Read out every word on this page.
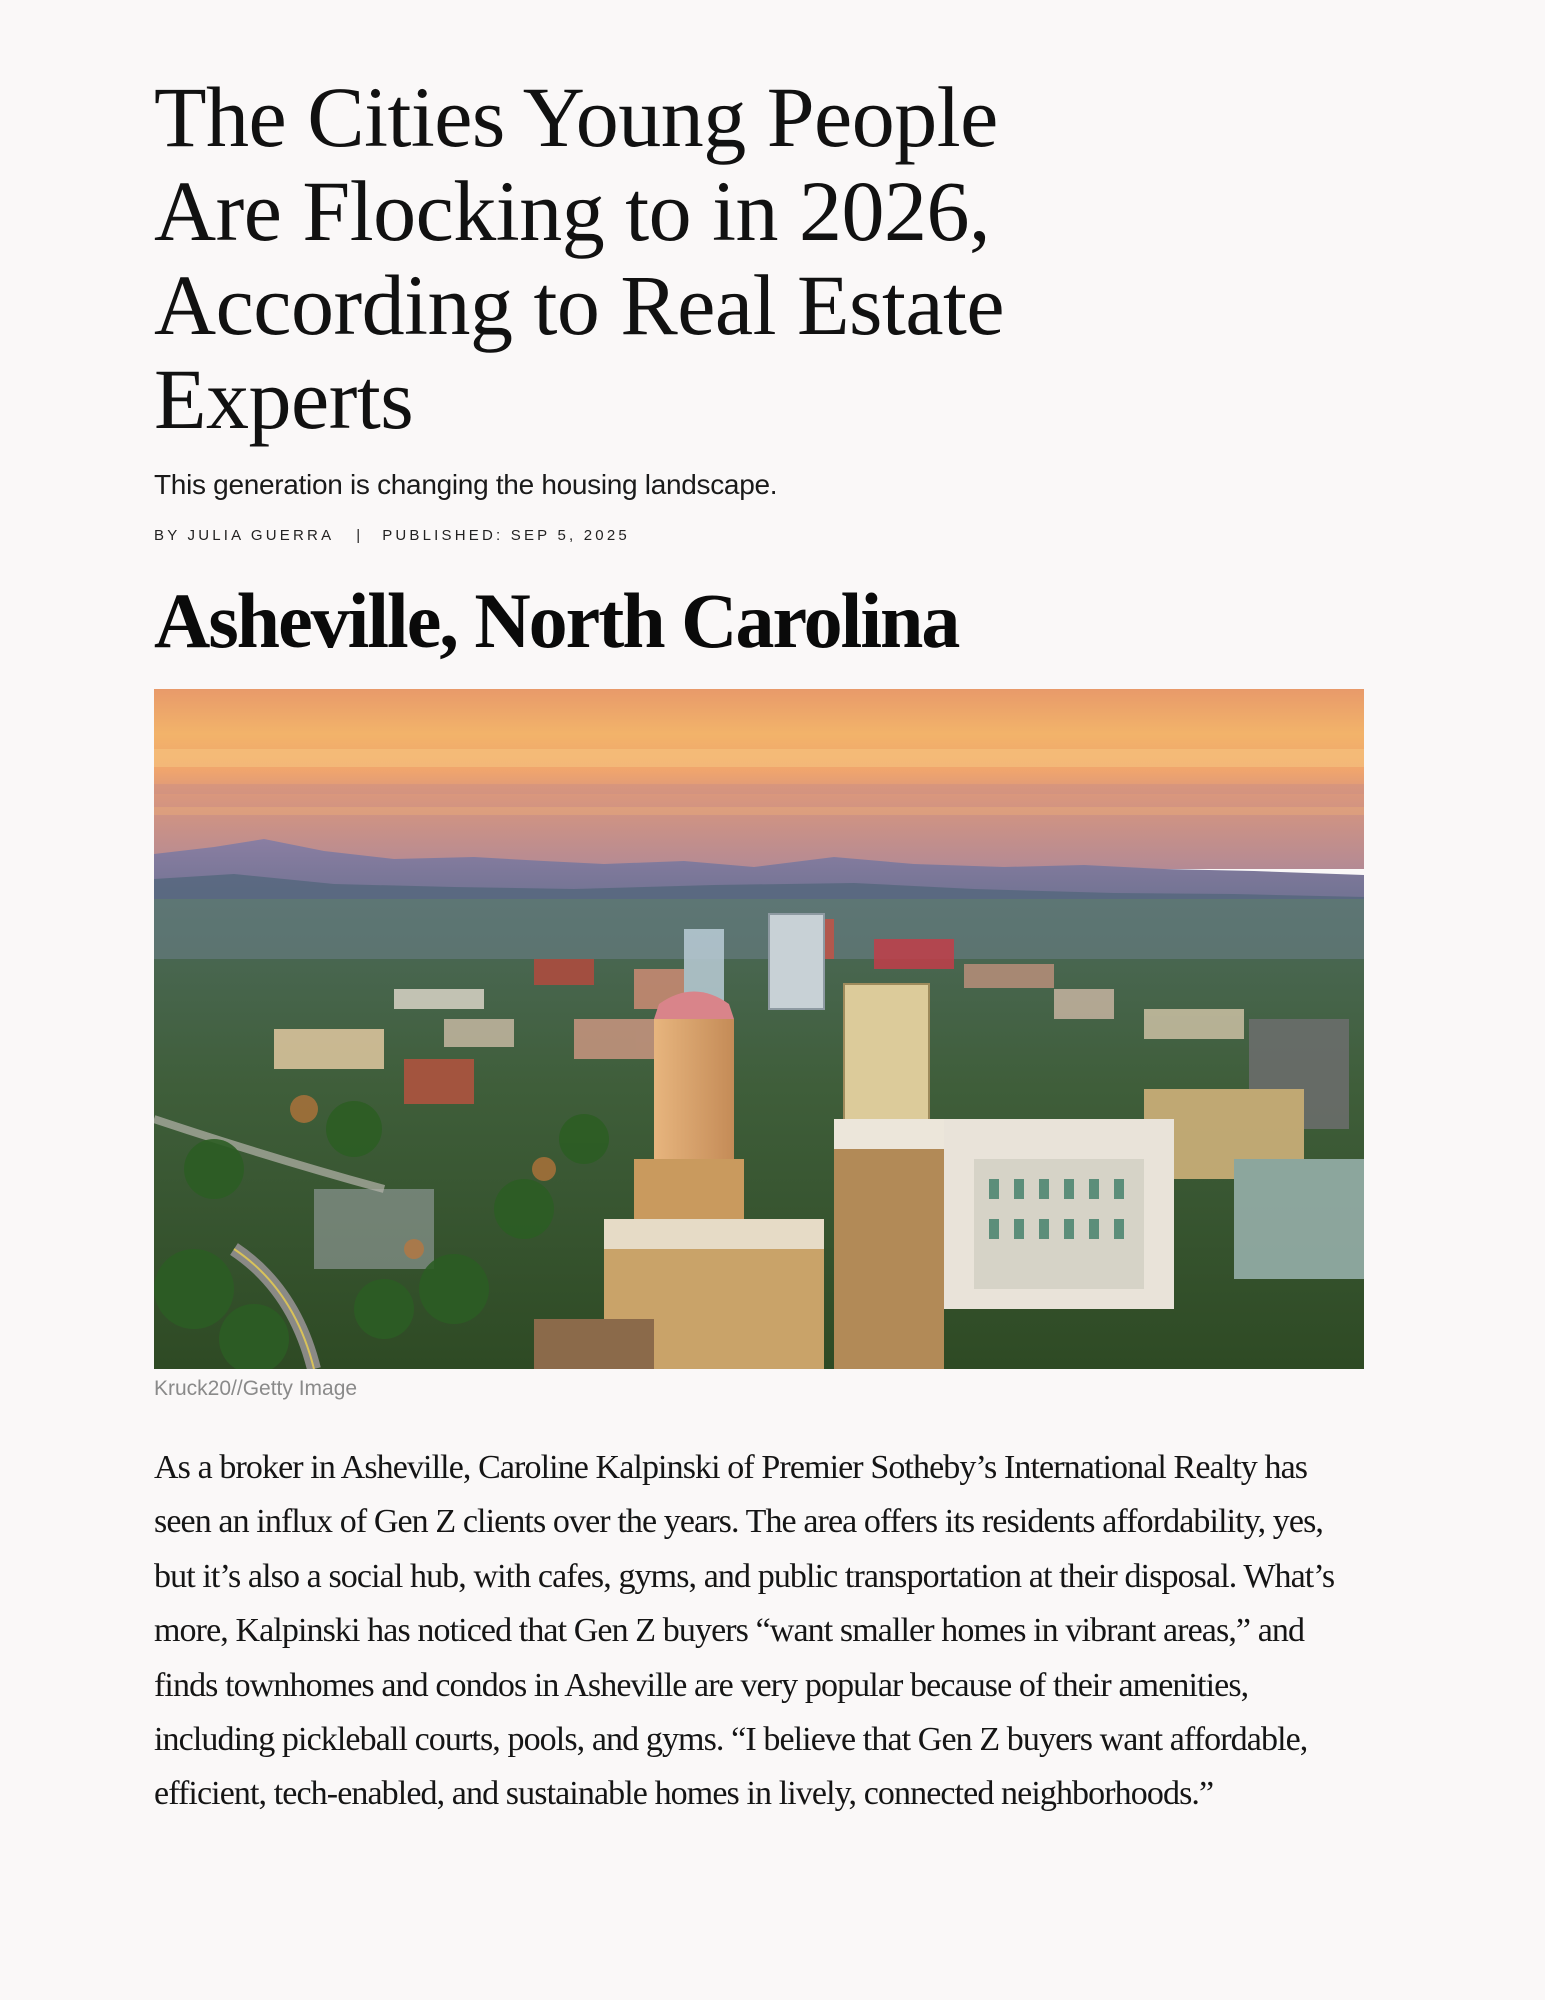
The Cities Young People Are Flocking to in 2026, According to Real Estate Experts
This generation is changing the housing landscape.
BY JULIA GUERRA | PUBLISHED: SEP 5, 2025
Asheville, North Carolina
Kruck20//Getty Image

As a broker in Asheville, Caroline Kalpinski of Premier Sotheby’s International Realty has seen an influx of Gen Z clients over the years. The area offers its residents affordability, yes, but it’s also a social hub, with cafes, gyms, and public transportation at their disposal. What’s more, Kalpinski has noticed that Gen Z buyers “want smaller homes in vibrant areas,” and finds townhomes and condos in Asheville are very popular because of their amenities, including pickleball courts, pools, and gyms. “I believe that Gen Z buyers want affordable, efficient, tech-enabled, and sustainable homes in lively, connected neighborhoods.”
